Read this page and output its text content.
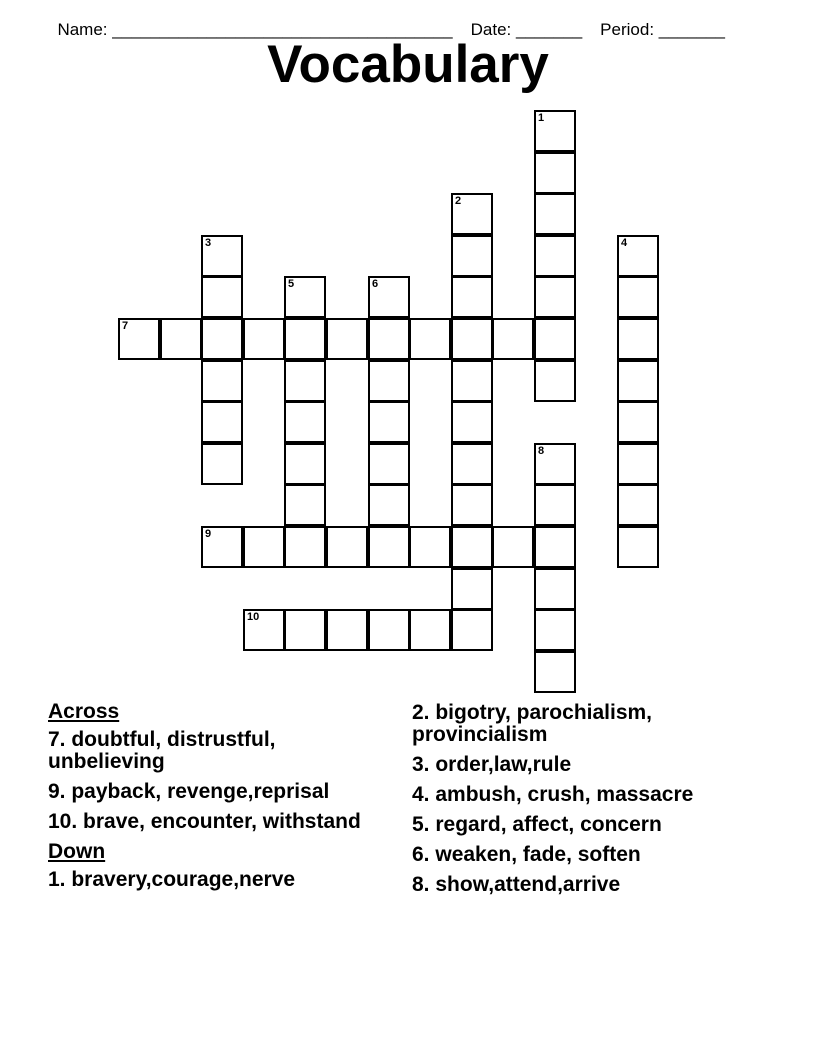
Name: ____________________________________ Date: _______ Period: _______

Vocabulary
1
2
3	4
5	6
7
8
9
10
Across
7. doubtful, distrustful, unbelieving
9. payback, revenge,reprisal
10. brave, encounter, withstand
Down
1. bravery,courage,nerve
2. bigotry, parochialism, provincialism
3. order,law,rule
4. ambush, crush, massacre
5. regard, affect, concern
6. weaken, fade, soften
8. show,attend,arrive
